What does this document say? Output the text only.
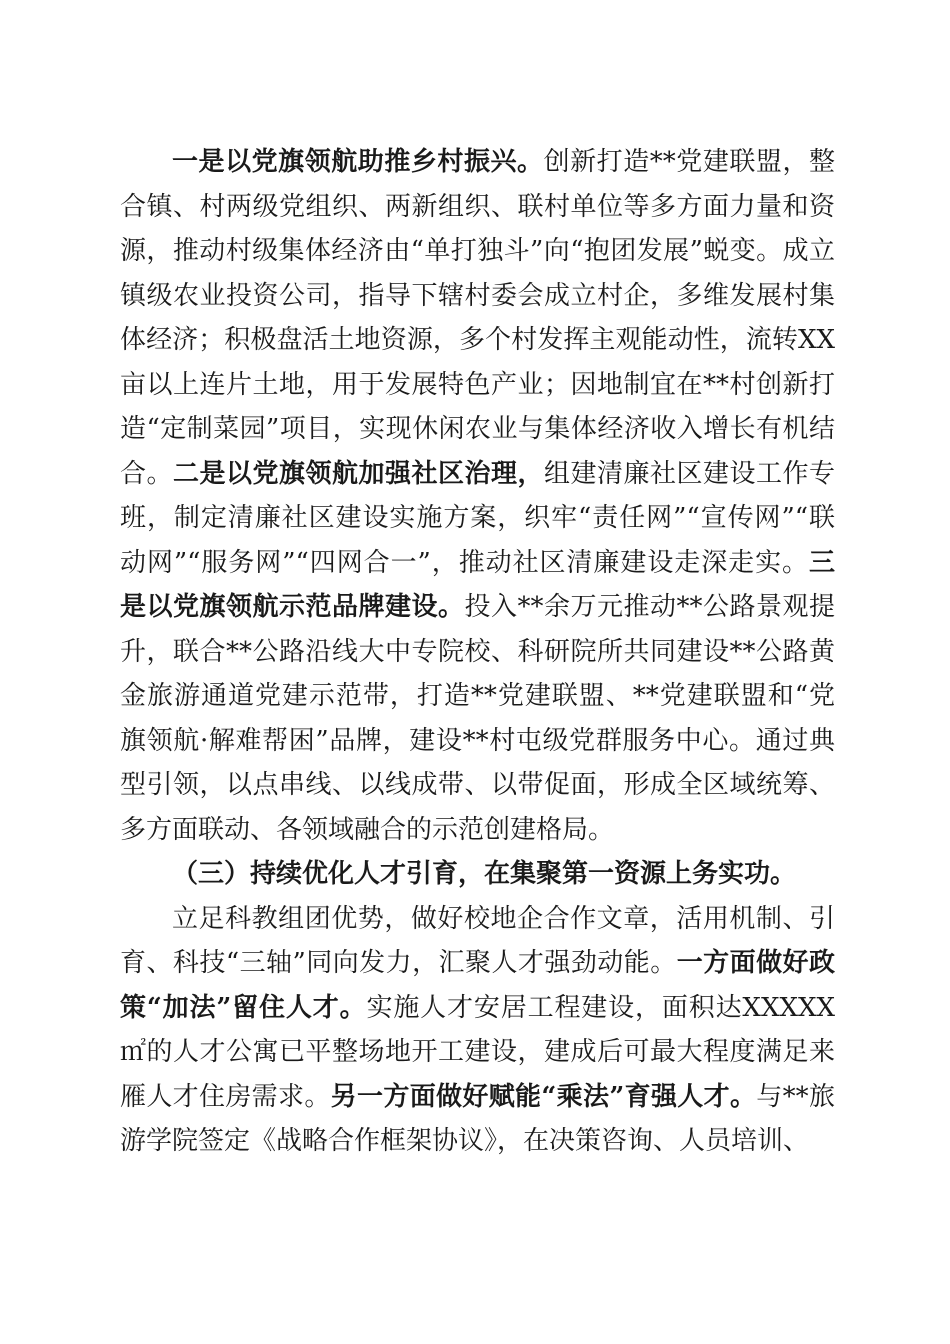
一是以党旗领航助推乡村振兴。创新打造**党建联盟，整合镇、村两级党组织、两新组织、联村单位等多方面力量和资源，推动村级集体经济由“单打独斗”向“抱团发展”蜕变。成立镇级农业投资公司，指导下辖村委会成立村企，多维发展村集体经济；积极盘活土地资源，多个村发挥主观能动性，流转XX亩以上连片土地，用于发展特色产业；因地制宜在**村创新打造“定制菜园”项目，实现休闲农业与集体经济收入增长有机结合。二是以党旗领航加强社区治理，组建清廉社区建设工作专班，制定清廉社区建设实施方案，织牢“责任网”“宣传网”“联动网”“服务网”“四网合一”，推动社区清廉建设走深走实。三是以党旗领航示范品牌建设。投入**余万元推动**公路景观提升，联合**公路沿线大中专院校、科研院所共同建设**公路黄金旅游通道党建示范带，打造**党建联盟、**党建联盟和“党旗领航·解难帮困”品牌，建设**村屯级党群服务中心。通过典型引领，以点串线、以线成带、以带促面，形成全区域统筹、多方面联动、各领域融合的示范创建格局。

（三）持续优化人才引育，在集聚第一资源上务实功。

立足科教组团优势，做好校地企合作文章，活用机制、引育、科技“三轴”同向发力，汇聚人才强劲动能。一方面做好政策“加法”留住人才。实施人才安居工程建设，面积达XXXXX㎡的人才公寓已平整场地开工建设，建成后可最大程度满足来雁人才住房需求。另一方面做好赋能“乘法”育强人才。与**旅游学院签定《战略合作框架协议》，在决策咨询、人员培训、
